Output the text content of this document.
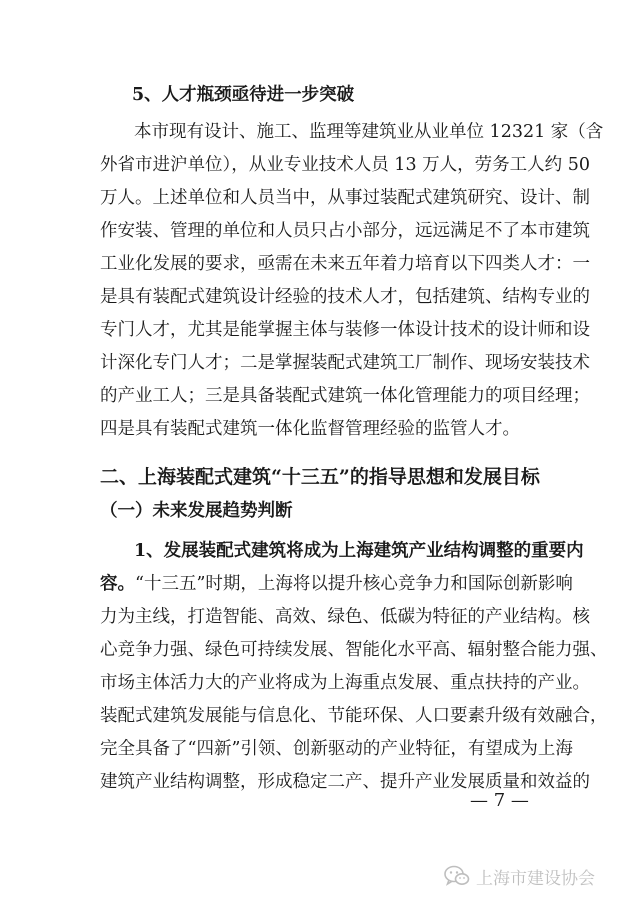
5、人才瓶颈亟待进一步突破
本市现有设计、施工、监理等建筑业从业单位 12321 家（含
外省市进沪单位），从业专业技术人员 13 万人，劳务工人约 50
万人。上述单位和人员当中，从事过装配式建筑研究、设计、制
作安装、管理的单位和人员只占小部分，远远满足不了本市建筑
工业化发展的要求，亟需在未来五年着力培育以下四类人才：一
是具有装配式建筑设计经验的技术人才，包括建筑、结构专业的
专门人才，尤其是能掌握主体与装修一体设计技术的设计师和设
计深化专门人才；二是掌握装配式建筑工厂制作、现场安装技术
的产业工人；三是具备装配式建筑一体化管理能力的项目经理；
四是具有装配式建筑一体化监督管理经验的监管人才。
二、上海装配式建筑“十三五”的指导思想和发展目标
（一）未来发展趋势判断
1、发展装配式建筑将成为上海建筑产业结构调整的重要内
容。“十三五”时期，上海将以提升核心竞争力和国际创新影响
力为主线，打造智能、高效、绿色、低碳为特征的产业结构。核
心竞争力强、绿色可持续发展、智能化水平高、辐射整合能力强、
市场主体活力大的产业将成为上海重点发展、重点扶持的产业。
装配式建筑发展能与信息化、节能环保、人口要素升级有效融合，
完全具备了“四新”引领、创新驱动的产业特征，有望成为上海
建筑产业结构调整，形成稳定二产、提升产业发展质量和效益的
— 7 —
上海市建设协会
